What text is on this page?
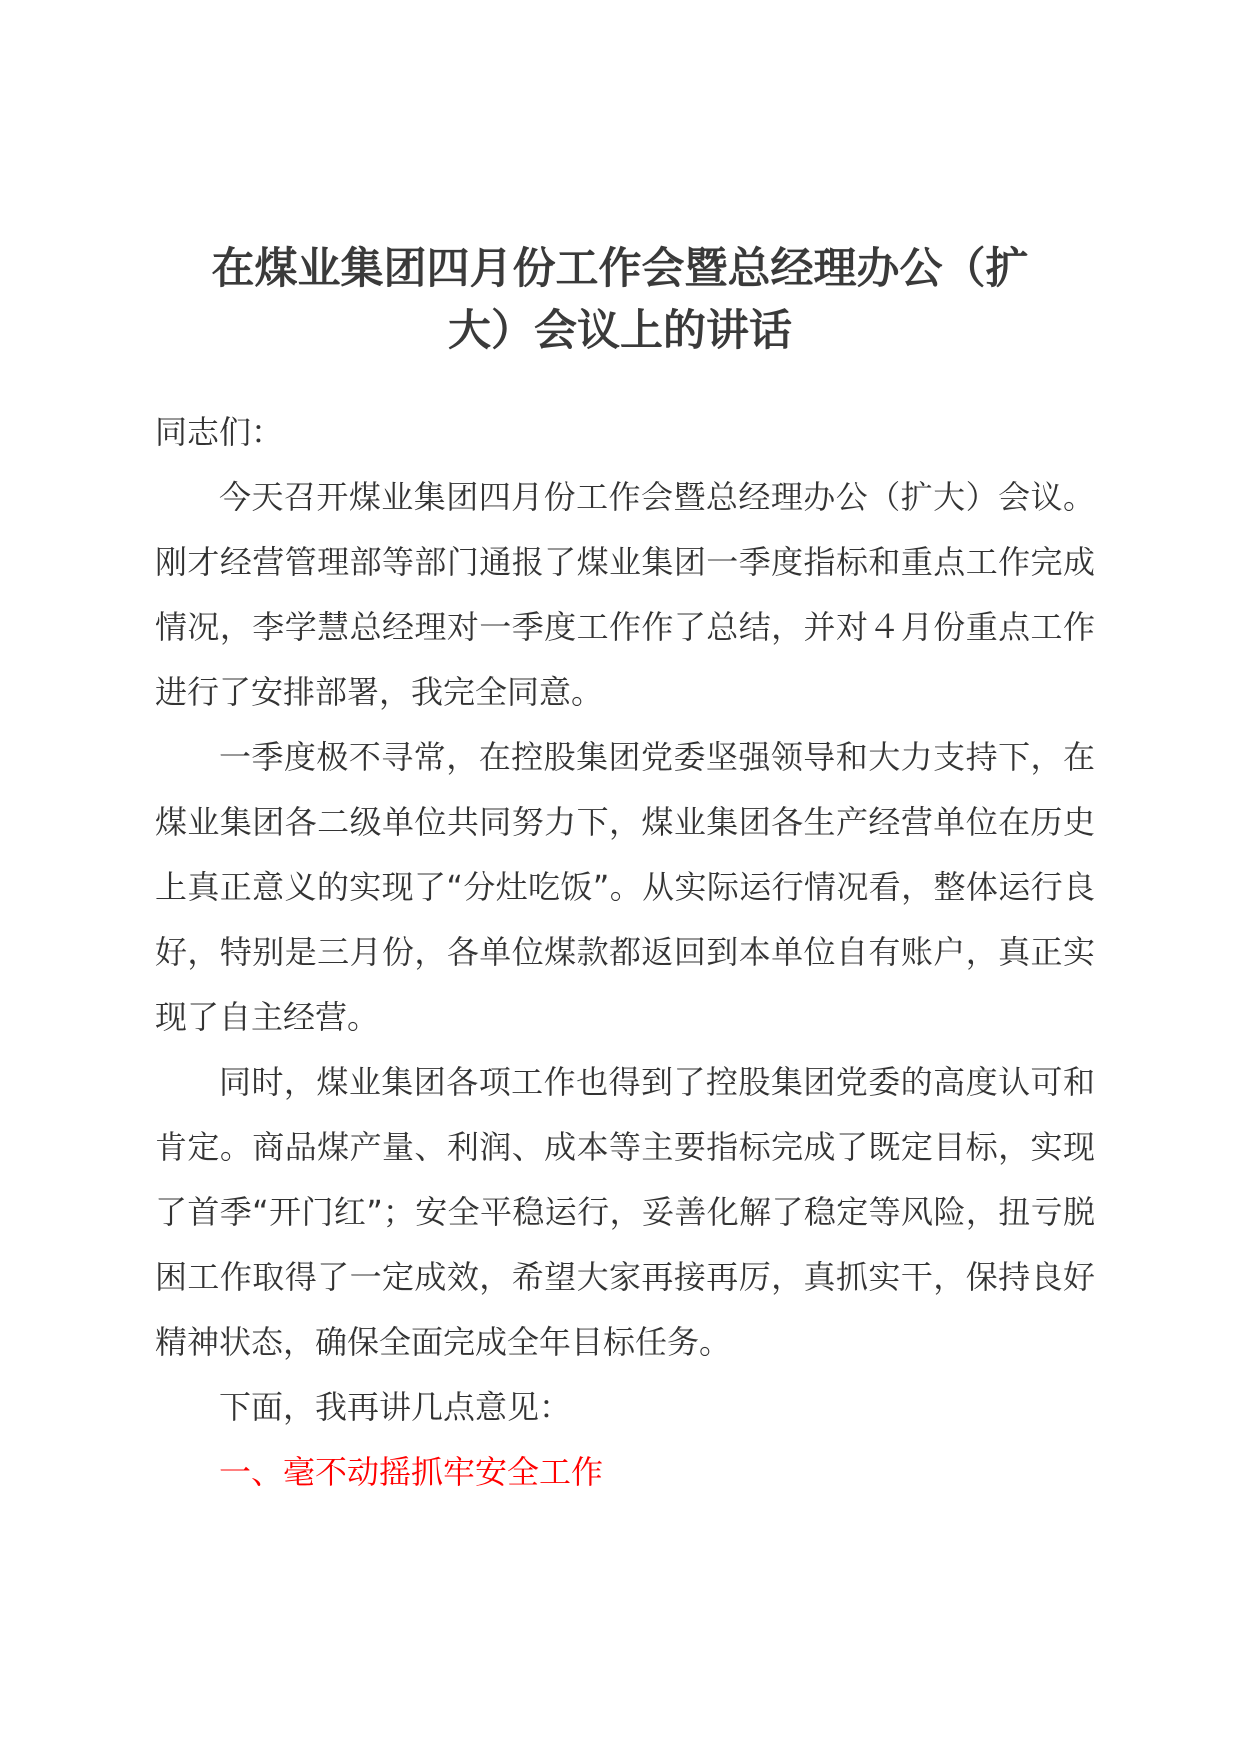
在煤业集团四月份工作会暨总经理办公（扩
大）会议上的讲话

同志们：

今天召开煤业集团四月份工作会暨总经理办公（扩大）会议。刚才经营管理部等部门通报了煤业集团一季度指标和重点工作完成情况，李学慧总经理对一季度工作作了总结，并对４月份重点工作进行了安排部署，我完全同意。

一季度极不寻常，在控股集团党委坚强领导和大力支持下，在煤业集团各二级单位共同努力下，煤业集团各生产经营单位在历史上真正意义的实现了“分灶吃饭”。从实际运行情况看，整体运行良好，特别是三月份，各单位煤款都返回到本单位自有账户，真正实现了自主经营。

同时，煤业集团各项工作也得到了控股集团党委的高度认可和肯定。商品煤产量、利润、成本等主要指标完成了既定目标，实现了首季“开门红”；安全平稳运行，妥善化解了稳定等风险，扭亏脱困工作取得了一定成效，希望大家再接再厉，真抓实干，保持良好精神状态，确保全面完成全年目标任务。

下面，我再讲几点意见：

一、毫不动摇抓牢安全工作
